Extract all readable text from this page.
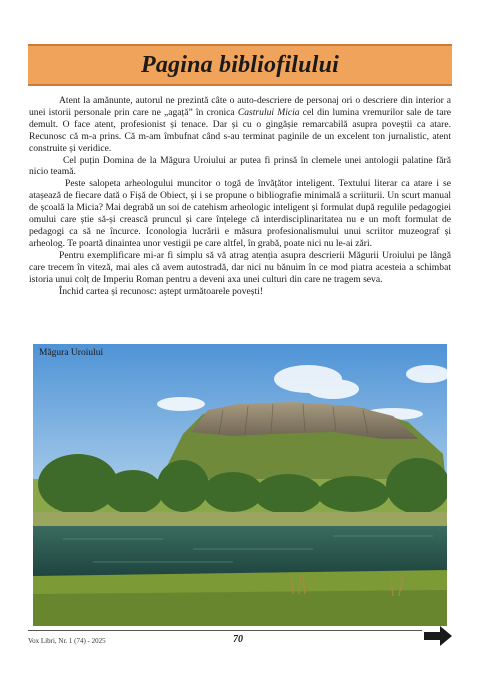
Pagina bibliofilului

Atent la amănunte, autorul ne prezintă câte o auto-descriere de personaj ori o descriere din interior a unei istorii personale prin care ne „agață” în cronica Castrului Micia cel din lumina vremurilor sale de tare demult. O face atent, profesionist și tenace. Dar și cu o gingășie remarcabilă asupra poveștii ca atare. Recunosc că m-a prins. Că m-am îmbufnat când s-au terminat paginile de un excelent ton jurnalistic, atent construite și veridice.

Cel puțin Domina de la Măgura Uroiului ar putea fi prinsă în clemele unei antologii palatine fără nicio teamă.

Peste salopeta arheologului muncitor o togă de învățător inteligent. Textului literar ca atare i se atașează de fiecare dată o Fișă de Obiect, și i se propune o bibliografie minimală a scriiturii. Un scurt manual de școală la Micia? Mai degrabă un soi de catehism arheologic inteligent și formulat după regulile pedagogiei omului care știe să-și crească pruncul și care înțelege că interdisciplinaritatea nu e un moft formulat de pedagogi ca să ne încurce. Iconologia lucrării e măsura profesionalismului unui scriitor muzeograf și arheolog. Te poartă dinaintea unor vestigii pe care altfel, în grabă, poate nici nu le-ai zări.

Pentru exemplificare mi-ar fi simplu să vă atrag atenția asupra descrierii Măgurii Uroiului pe lângă care trecem în viteză, mai ales că avem autostradă, dar nici nu bănuim în ce mod piatra acesteia a schimbat istoria unui colț de Imperiu Roman pentru a deveni axa unei culturi din care ne tragem seva.

Închid cartea și recunosc: aștept următoarele povești!

Măgura Uroiului
Vox Libri, Nr. 1 (74) - 2025	70
